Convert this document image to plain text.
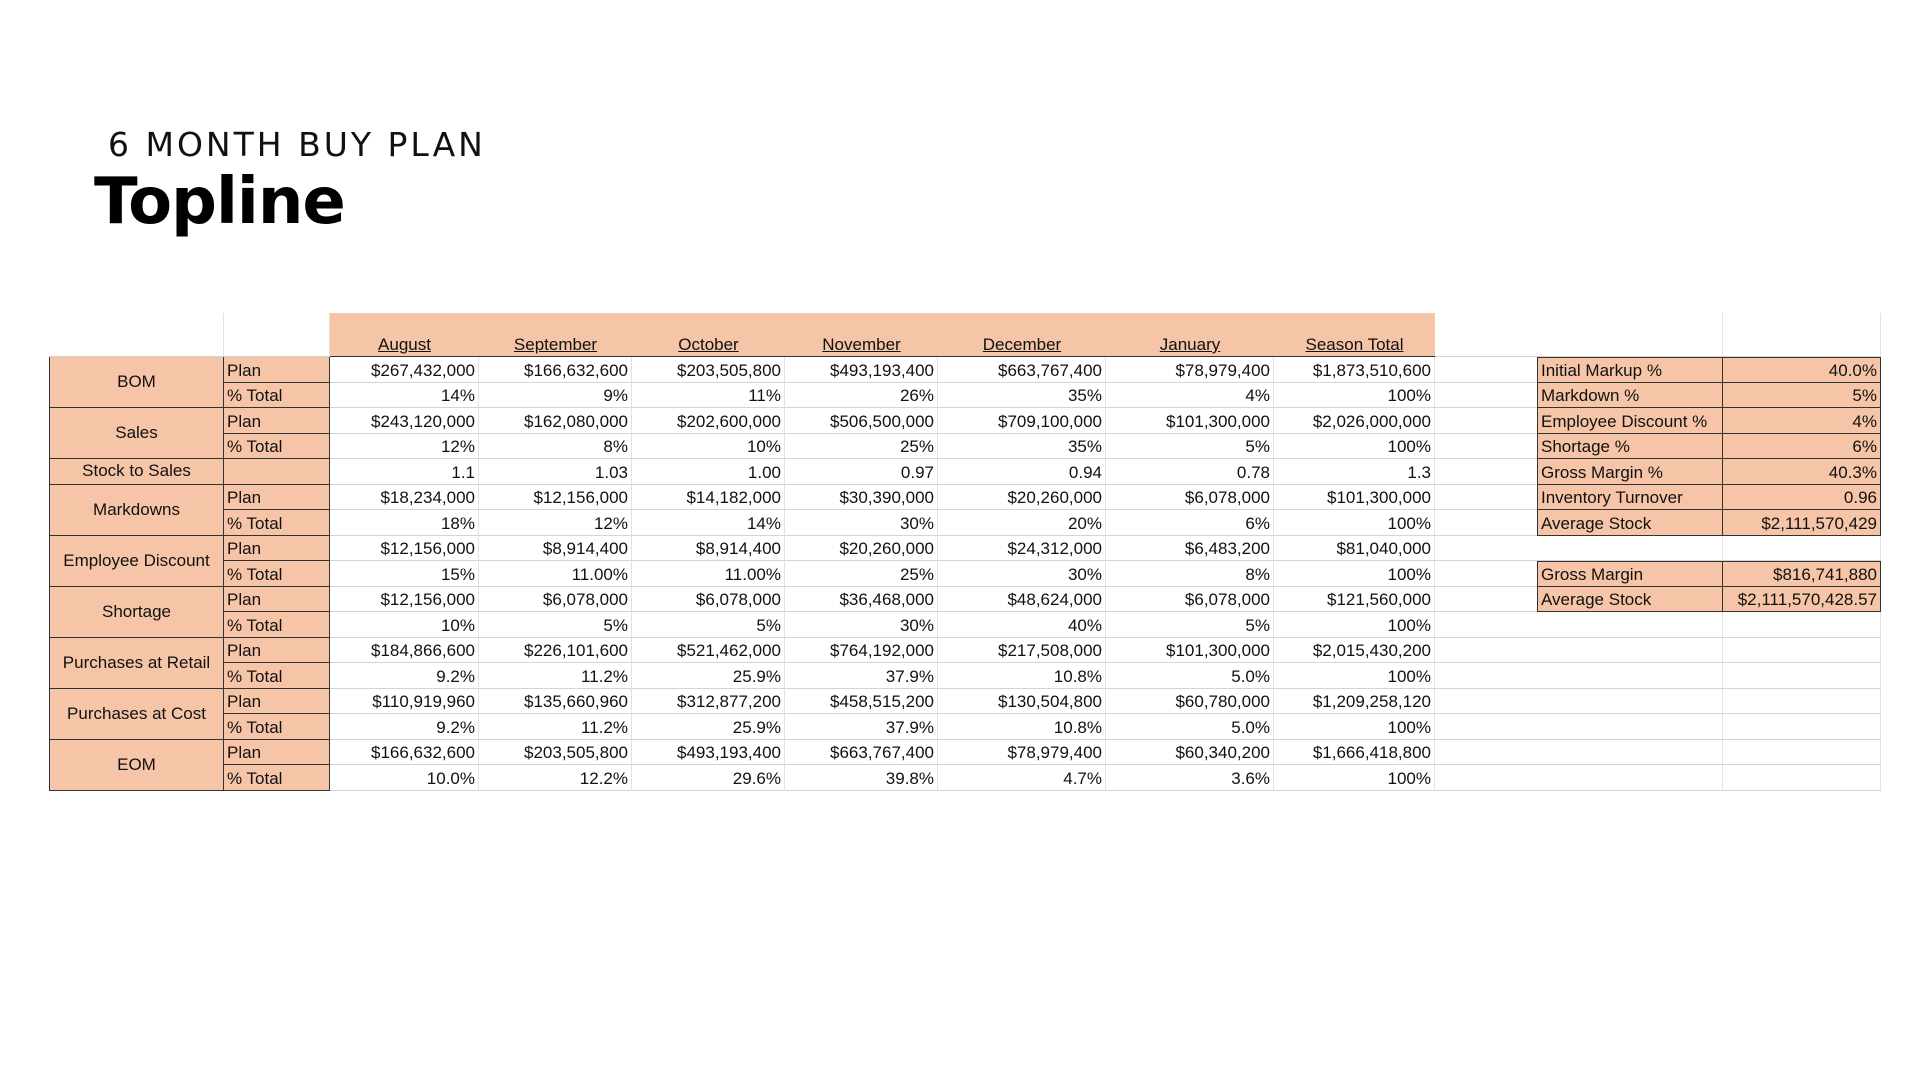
6 MONTH BUY PLAN
Topline
August	September	October	November	December	January	Season Total
BOM
Plan	$267,432,000	$166,632,600	$203,505,800	$493,193,400	$663,767,400	$78,979,400	$1,873,510,600
% Total	14%	9%	11%	26%	35%	4%	100%
Sales
Plan	$243,120,000	$162,080,000	$202,600,000	$506,500,000	$709,100,000	$101,300,000	$2,026,000,000
% Total	12%	8%	10%	25%	35%	5%	100%
Stock to Sales	1.1	1.03	1.00	0.97	0.94	0.78	1.3
Markdowns
Plan	$18,234,000	$12,156,000	$14,182,000	$30,390,000	$20,260,000	$6,078,000	$101,300,000
% Total	18%	12%	14%	30%	20%	6%	100%
Employee Discount
Plan	$12,156,000	$8,914,400	$8,914,400	$20,260,000	$24,312,000	$6,483,200	$81,040,000
% Total	15%	11.00%	11.00%	25%	30%	8%	100%
Shortage
Plan	$12,156,000	$6,078,000	$6,078,000	$36,468,000	$48,624,000	$6,078,000	$121,560,000
% Total	10%	5%	5%	30%	40%	5%	100%
Purchases at Retail
Plan	$184,866,600	$226,101,600	$521,462,000	$764,192,000	$217,508,000	$101,300,000	$2,015,430,200
% Total	9.2%	11.2%	25.9%	37.9%	10.8%	5.0%	100%
Purchases at Cost
Plan	$110,919,960	$135,660,960	$312,877,200	$458,515,200	$130,504,800	$60,780,000	$1,209,258,120
% Total	9.2%	11.2%	25.9%	37.9%	10.8%	5.0%	100%
EOM
Plan	$166,632,600	$203,505,800	$493,193,400	$663,767,400	$78,979,400	$60,340,200	$1,666,418,800
% Total	10.0%	12.2%	29.6%	39.8%	4.7%	3.6%	100%
Initial Markup %	40.0%
Markdown %	5%
Employee Discount %	4%
Shortage %	6%
Gross Margin %	40.3%
Inventory Turnover	0.96
Average Stock	$2,111,570,429
Gross Margin	$816,741,880
Average Stock	$2,111,570,428.57
